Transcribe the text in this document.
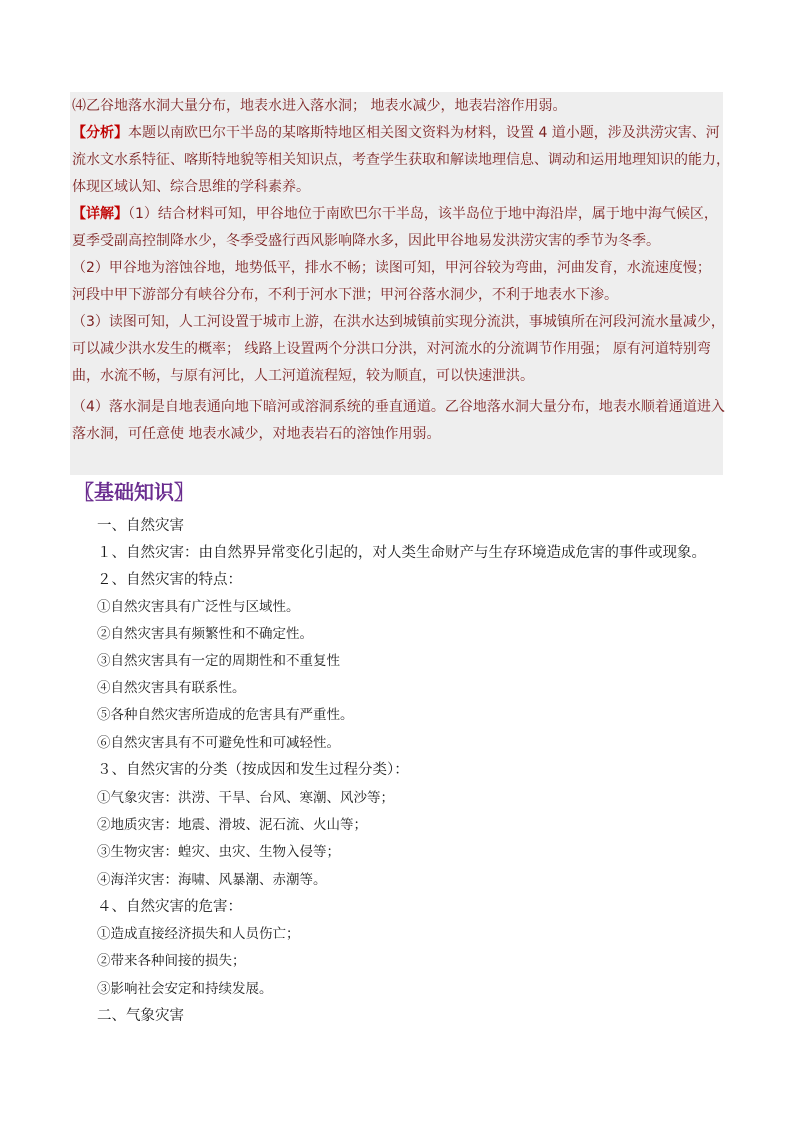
⑷乙谷地落水洞大量分布，地表水进入落水洞； 地表水减少，地表岩溶作用弱。
【分析】本题以南欧巴尔干半岛的某喀斯特地区相关图文资料为材料，设置 4 道小题，涉及洪涝灾害、河
流水文水系特征、喀斯特地貌等相关知识点，考查学生获取和解读地理信息、调动和运用地理知识的能力，
体现区域认知、综合思维的学科素养。
【详解】（1）结合材料可知，甲谷地位于南欧巴尔干半岛，该半岛位于地中海沿岸，属于地中海气候区，
夏季受副高控制降水少，冬季受盛行西风影响降水多，因此甲谷地易发洪涝灾害的季节为冬季。
（2）甲谷地为溶蚀谷地，地势低平，排水不畅；读图可知，甲河谷较为弯曲，河曲发育，水流速度慢；
河段中甲下游部分有峡谷分布，不利于河水下泄；甲河谷落水洞少，不利于地表水下渗。
（3）读图可知，人工河设置于城市上游，在洪水达到城镇前实现分流洪，事城镇所在河段河流水量减少，
可以减少洪水发生的概率； 线路上设置两个分洪口分洪，对河流水的分流调节作用强； 原有河道特别弯
曲，水流不畅，与原有河比，人工河道流程短，较为顺直，可以快速泄洪。
（4）落水洞是自地表通向地下暗河或溶洞系统的垂直通道。乙谷地落水洞大量分布，地表水顺着通道进入
落水洞，可任意使 地表水减少，对地表岩石的溶蚀作用弱。
〖基础知识〗
一、自然灾害
１、自然灾害：由自然界异常变化引起的，对人类生命财产与生存环境造成危害的事件或现象。
２、自然灾害的特点：
①自然灾害具有广泛性与区域性。
②自然灾害具有频繁性和不确定性。
③自然灾害具有一定的周期性和不重复性
④自然灾害具有联系性。
⑤各种自然灾害所造成的危害具有严重性。
⑥自然灾害具有不可避免性和可减轻性。
３、自然灾害的分类（按成因和发生过程分类）：
①气象灾害：洪涝、干旱、台风、寒潮、风沙等；
②地质灾害：地震、滑坡、泥石流、火山等；
③生物灾害：蝗灾、虫灾、生物入侵等；
④海洋灾害：海啸、风暴潮、赤潮等。
４、自然灾害的危害：
①造成直接经济损失和人员伤亡；
②带来各种间接的损失；
③影响社会安定和持续发展。
二、气象灾害
